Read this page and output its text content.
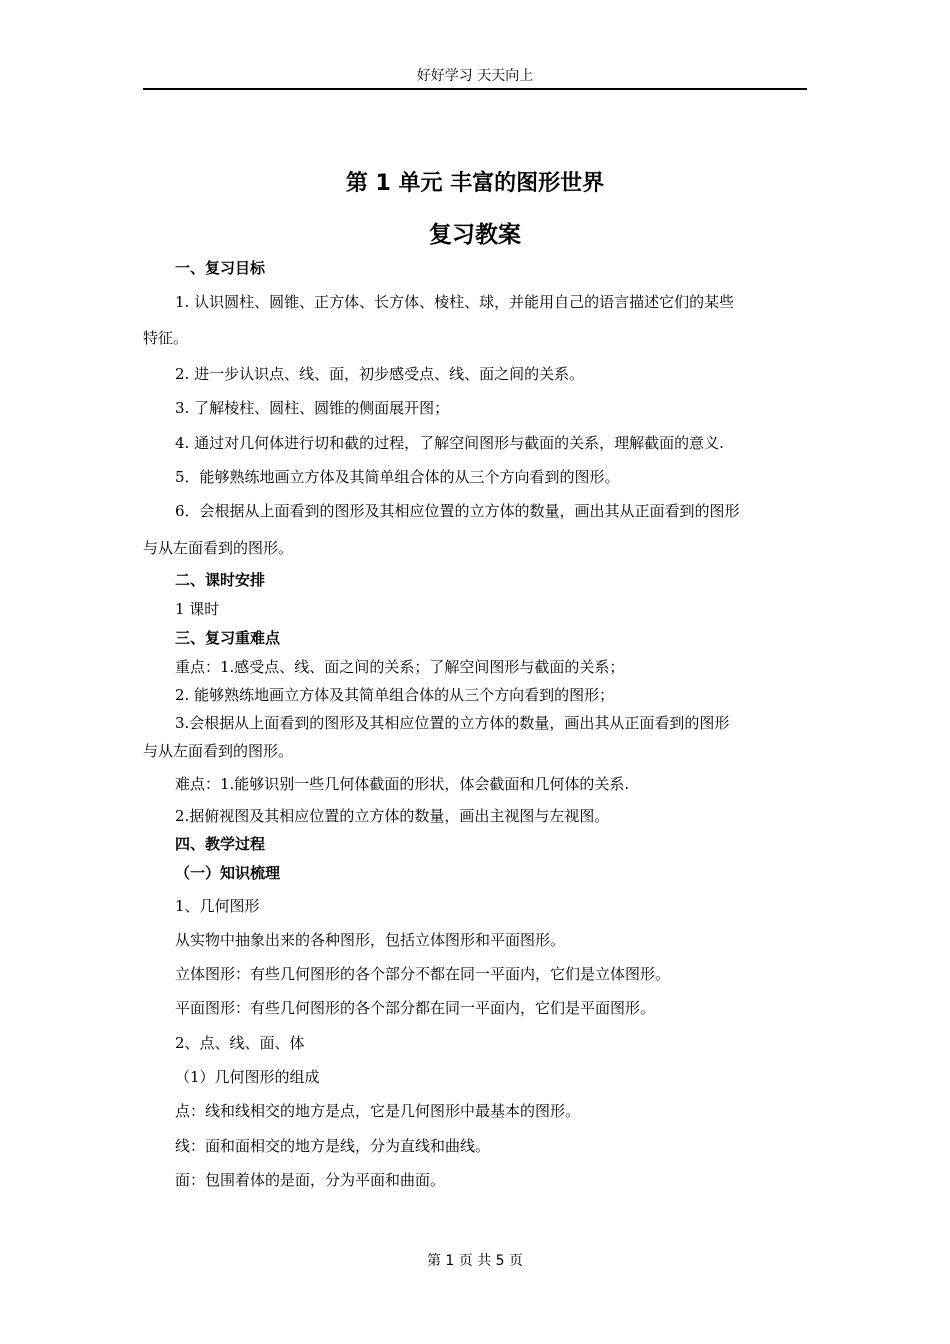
好好学习 天天向上
第 1 单元 丰富的图形世界
复习教案
一、复习目标
1. 认识圆柱、圆锥、正方体、长方体、棱柱、球，并能用自己的语言描述它们的某些
特征。
2. 进一步认识点、线、面，初步感受点、线、面之间的关系。
3. 了解棱柱、圆柱、圆锥的侧面展开图；
4. 通过对几何体进行切和截的过程，了解空间图形与截面的关系，理解截面的意义.
5．能够熟练地画立方体及其简单组合体的从三个方向看到的图形。
6．会根据从上面看到的图形及其相应位置的立方体的数量，画出其从正面看到的图形
与从左面看到的图形。
二、课时安排
1 课时
三、复习重难点
重点：1.感受点、线、面之间的关系；了解空间图形与截面的关系；
2. 能够熟练地画立方体及其简单组合体的从三个方向看到的图形；
3.会根据从上面看到的图形及其相应位置的立方体的数量，画出其从正面看到的图形
与从左面看到的图形。
难点：1.能够识别一些几何体截面的形状，体会截面和几何体的关系.
2.据俯视图及其相应位置的立方体的数量，画出主视图与左视图。
四、教学过程
（一）知识梳理
1、几何图形
从实物中抽象出来的各种图形，包括立体图形和平面图形。
立体图形：有些几何图形的各个部分不都在同一平面内，它们是立体图形。
平面图形：有些几何图形的各个部分都在同一平面内，它们是平面图形。
2、点、线、面、体
（1）几何图形的组成
点：线和线相交的地方是点，它是几何图形中最基本的图形。
线：面和面相交的地方是线，分为直线和曲线。
面：包围着体的是面，分为平面和曲面。
第 1 页 共 5 页
